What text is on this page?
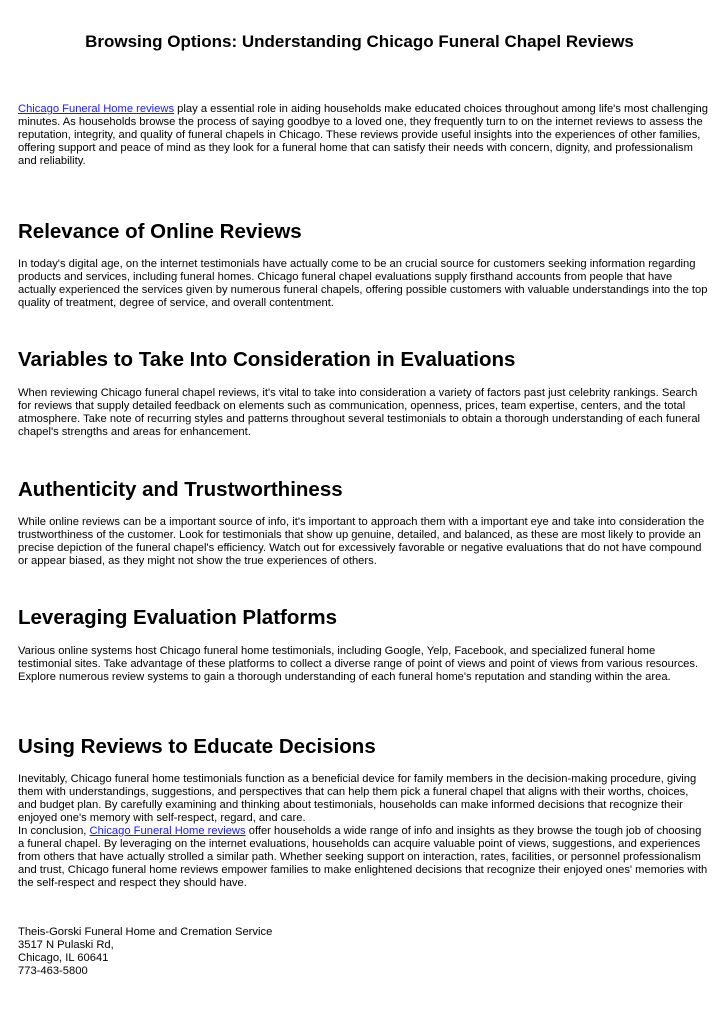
Browsing Options: Understanding Chicago Funeral Chapel Reviews

Chicago Funeral Home reviews play a essential role in aiding households make educated choices throughout among life's most challenging minutes. As households browse the process of saying goodbye to a loved one, they frequently turn to on the internet reviews to assess the reputation, integrity, and quality of funeral chapels in Chicago. These reviews provide useful insights into the experiences of other families, offering support and peace of mind as they look for a funeral home that can satisfy their needs with concern, dignity, and professionalism and reliability.

Relevance of Online Reviews

In today's digital age, on the internet testimonials have actually come to be an crucial source for customers seeking information regarding products and services, including funeral homes. Chicago funeral chapel evaluations supply firsthand accounts from people that have actually experienced the services given by numerous funeral chapels, offering possible customers with valuable understandings into the top quality of treatment, degree of service, and overall contentment.

Variables to Take Into Consideration in Evaluations

When reviewing Chicago funeral chapel reviews, it's vital to take into consideration a variety of factors past just celebrity rankings. Search for reviews that supply detailed feedback on elements such as communication, openness, prices, team expertise, centers, and the total atmosphere. Take note of recurring styles and patterns throughout several testimonials to obtain a thorough understanding of each funeral chapel's strengths and areas for enhancement.

Authenticity and Trustworthiness

While online reviews can be a important source of info, it's important to approach them with a important eye and take into consideration the trustworthiness of the customer. Look for testimonials that show up genuine, detailed, and balanced, as these are most likely to provide an precise depiction of the funeral chapel's efficiency. Watch out for excessively favorable or negative evaluations that do not have compound or appear biased, as they might not show the true experiences of others.

Leveraging Evaluation Platforms

Various online systems host Chicago funeral home testimonials, including Google, Yelp, Facebook, and specialized funeral home testimonial sites. Take advantage of these platforms to collect a diverse range of point of views and point of views from various resources. Explore numerous review systems to gain a thorough understanding of each funeral home's reputation and standing within the area.

Using Reviews to Educate Decisions
Inevitably, Chicago funeral home testimonials function as a beneficial device for family members in the decision-making procedure, giving them with understandings, suggestions, and perspectives that can help them pick a funeral chapel that aligns with their worths, choices, and budget plan. By carefully examining and thinking about testimonials, households can make informed decisions that recognize their enjoyed one's memory with self-respect, regard, and care.
In conclusion, Chicago Funeral Home reviews offer households a wide range of info and insights as they browse the tough job of choosing a funeral chapel. By leveraging on the internet evaluations, households can acquire valuable point of views, suggestions, and experiences from others that have actually strolled a similar path. Whether seeking support on interaction, rates, facilities, or personnel professionalism and trust, Chicago funeral home reviews empower families to make enlightened decisions that recognize their enjoyed ones' memories with the self-respect and respect they should have.
Theis-Gorski Funeral Home and Cremation Service
3517 N Pulaski Rd,
Chicago, IL 60641
773-463-5800
